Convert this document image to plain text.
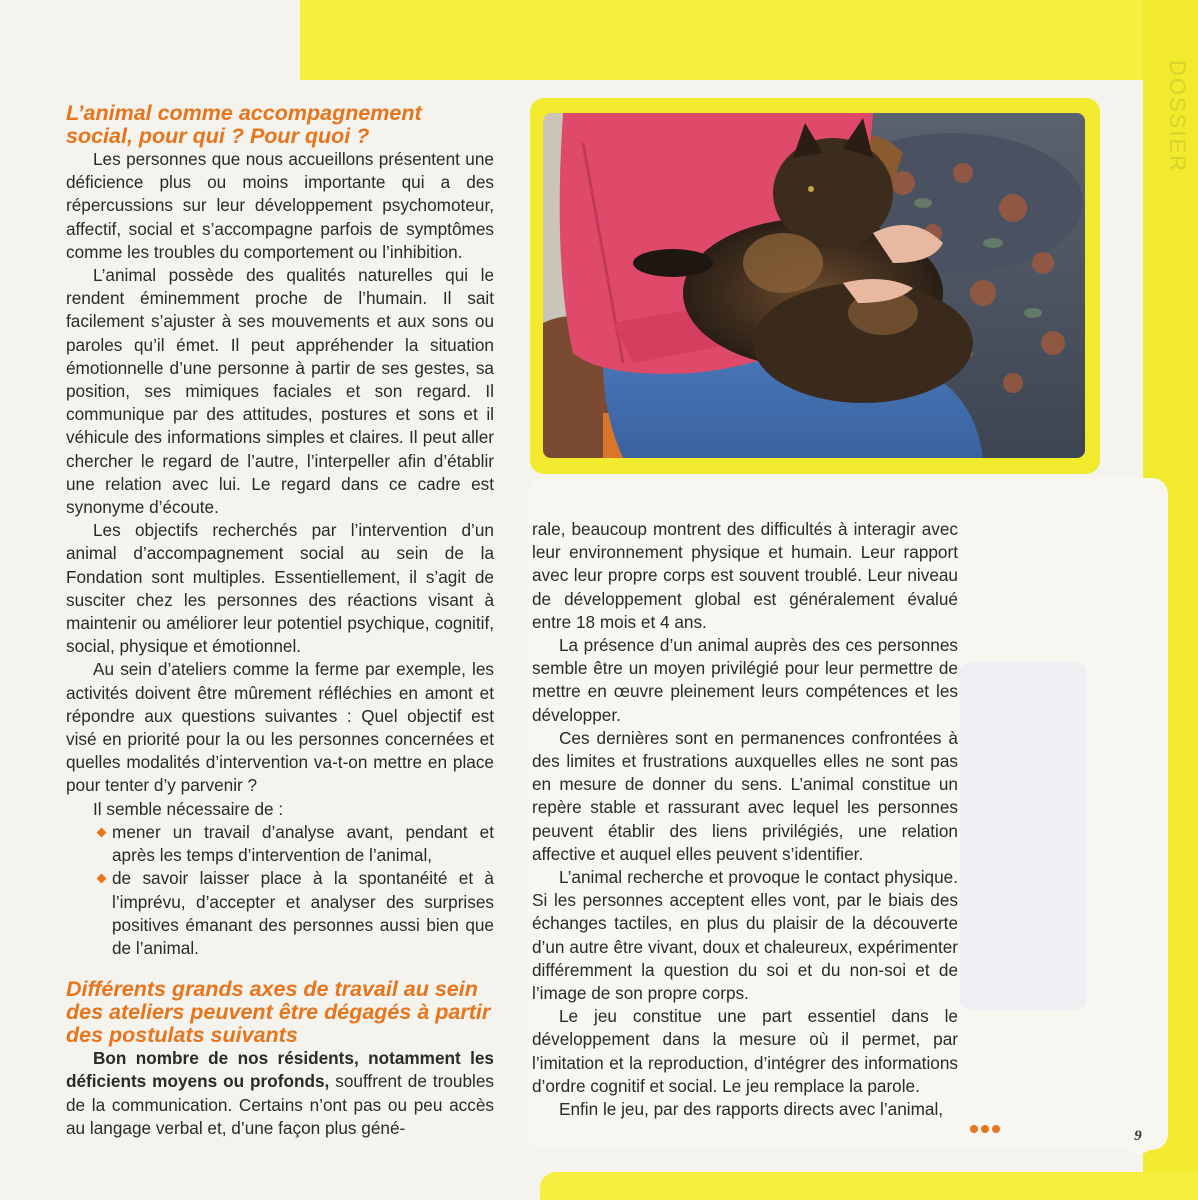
DOSSIER
L’animal comme accompagnement social, pour qui ? Pour quoi ?

Les personnes que nous accueillons présentent une déficience plus ou moins importante qui a des répercussions sur leur développement psychomoteur, affectif, social et s’accompagne parfois de symptômes comme les troubles du comportement ou l’inhibition.

L’animal possède des qualités naturelles qui le rendent éminemment proche de l’humain. Il sait facilement s’ajuster à ses mouvements et aux sons ou paroles qu’il émet. Il peut appréhender la situation émotionnelle d’une personne à partir de ses gestes, sa position, ses mimiques faciales et son regard. Il communique par des attitudes, postures et sons et il véhicule des informations simples et claires. Il peut aller chercher le regard de l’autre, l’interpeller afin d’établir une relation avec lui. Le regard dans ce cadre est synonyme d’écoute.

Les objectifs recherchés par l’intervention d’un animal d’accompagnement social au sein de la Fondation sont multiples. Essentiellement, il s’agit de susciter chez les personnes des réactions visant à maintenir ou améliorer leur potentiel psychique, cognitif, social, physique et émotionnel.

Au sein d’ateliers comme la ferme par exemple, les activités doivent être mûrement réfléchies en amont et répondre aux questions suivantes : Quel objectif est visé en priorité pour la ou les personnes concernées et quelles modalités d’intervention va-t-on mettre en place pour tenter d’y parvenir ?

Il semble nécessaire de :

mener un travail d’analyse avant, pendant et après les temps d’intervention de l’animal,
de savoir laisser place à la spontanéité et à l’imprévu, d’accepter et analyser des surprises positives émanant des personnes aussi bien que de l’animal.
Différents grands axes de travail au sein des ateliers peuvent être dégagés à partir des postulats suivants

Bon nombre de nos résidents, notamment les déficients moyens ou profonds, souffrent de troubles de la communication. Certains n’ont pas ou peu accès au langage verbal et, d’une façon plus géné-

rale, beaucoup montrent des difficultés à interagir avec leur environnement physique et humain. Leur rapport avec leur propre corps est souvent troublé. Leur niveau de développement global est généralement évalué entre 18 mois et 4 ans.

La présence d’un animal auprès des ces personnes semble être un moyen privilégié pour leur permettre de mettre en œuvre pleinement leurs compétences et les développer.

Ces dernières sont en permanences confrontées à des limites et frustrations auxquelles elles ne sont pas en mesure de donner du sens. L’animal constitue un repère stable et rassurant avec lequel les personnes peuvent établir des liens privilégiés, une relation affective et auquel elles peuvent s’identifier.

L’animal recherche et provoque le contact physique. Si les personnes acceptent elles vont, par le biais des échanges tactiles, en plus du plaisir de la découverte d’un autre être vivant, doux et chaleureux, expérimenter différemment la question du soi et du non-soi et de l’image de son propre corps.

Le jeu constitue une part essentiel dans le développement dans la mesure où il permet, par l’imitation et la reproduction, d’intégrer des informations d’ordre cognitif et social. Le jeu remplace la parole.

Enfin le jeu, par des rapports directs avec l’animal,

9
